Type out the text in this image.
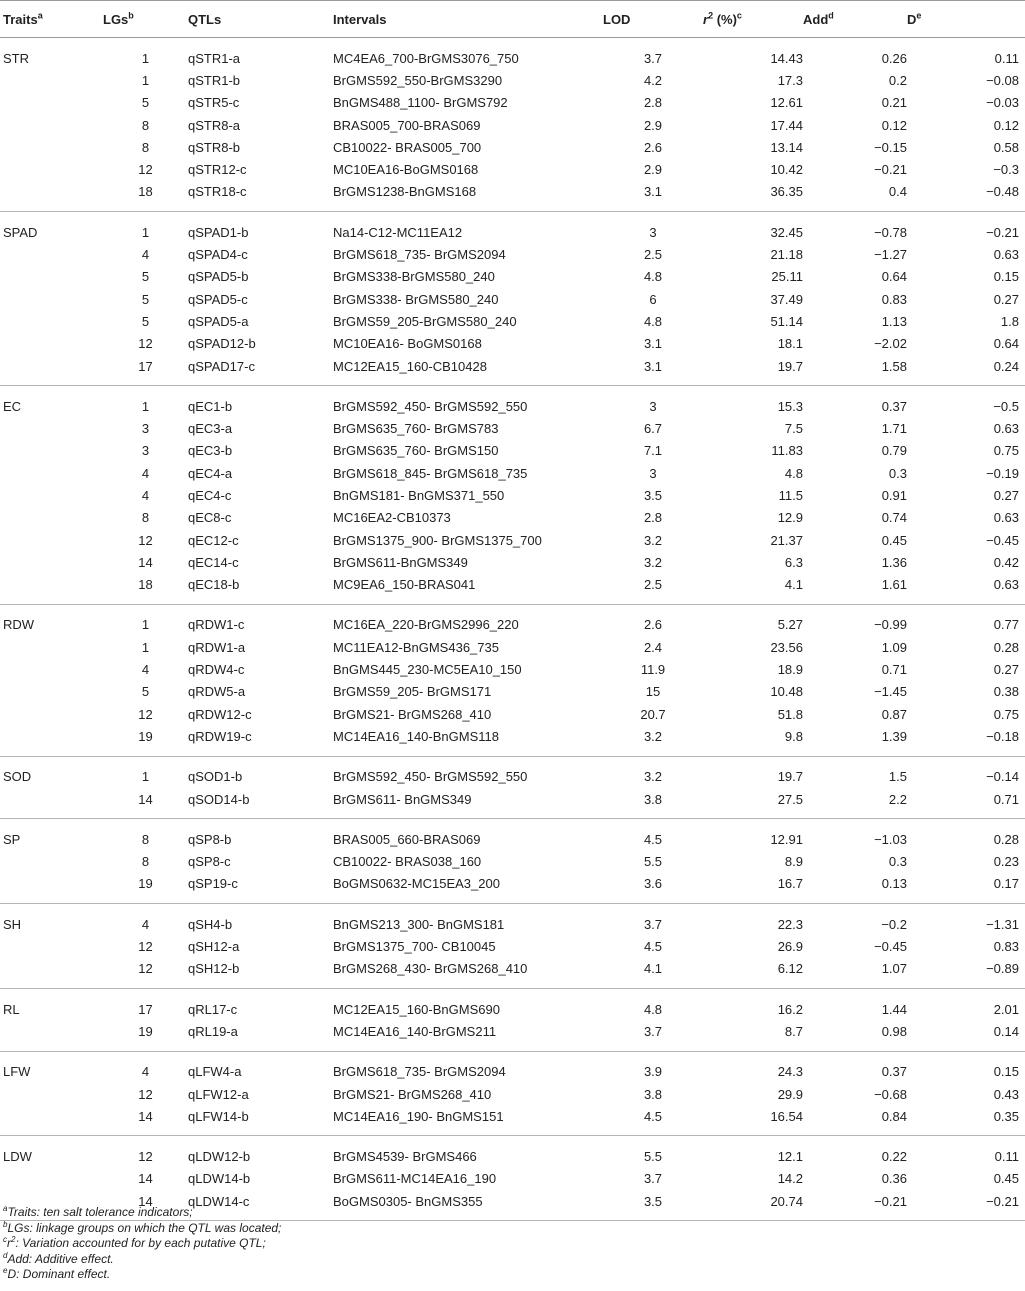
Traits$^a$	LGs$^b$	QTLs	Intervals	LOD	$r^2$ (%)$^c$	Add$^d$	De
STR	1	qSTR1-a	MC4EA6_700-BrGMS3076_750	3.7	14.43	0.26	0.11
	1	qSTR1-b	BrGMS592_550-BrGMS3290	4.2	17.3	0.2	−0.08
	5	qSTR5-c	BnGMS488_1100- BrGMS792	2.8	12.61	0.21	−0.03
	8	qSTR8-a	BRAS005_700-BRAS069	2.9	17.44	0.12	0.12
	8	qSTR8-b	CB10022- BRAS005_700	2.6	13.14	−0.15	0.58
	12	qSTR12-c	MC10EA16-BoGMS0168	2.9	10.42	−0.21	−0.3
	18	qSTR18-c	BrGMS1238-BnGMS168	3.1	36.35	0.4	−0.48
SPAD	1	qSPAD1-b	Na14-C12-MC11EA12	3	32.45	−0.78	−0.21
	4	qSPAD4-c	BrGMS618_735- BrGMS2094	2.5	21.18	−1.27	0.63
	5	qSPAD5-b	BrGMS338-BrGMS580_240	4.8	25.11	0.64	0.15
	5	qSPAD5-c	BrGMS338- BrGMS580_240	6	37.49	0.83	0.27
	5	qSPAD5-a	BrGMS59_205-BrGMS580_240	4.8	51.14	1.13	1.8
	12	qSPAD12-b	MC10EA16- BoGMS0168	3.1	18.1	−2.02	0.64
	17	qSPAD17-c	MC12EA15_160-CB10428	3.1	19.7	1.58	0.24
EC	1	qEC1-b	BrGMS592_450- BrGMS592_550	3	15.3	0.37	−0.5
	3	qEC3-a	BrGMS635_760- BrGMS783	6.7	7.5	1.71	0.63
	3	qEC3-b	BrGMS635_760- BrGMS150	7.1	11.83	0.79	0.75
	4	qEC4-a	BrGMS618_845- BrGMS618_735	3	4.8	0.3	−0.19
	4	qEC4-c	BnGMS181- BnGMS371_550	3.5	11.5	0.91	0.27
	8	qEC8-c	MC16EA2-CB10373	2.8	12.9	0.74	0.63
	12	qEC12-c	BrGMS1375_900- BrGMS1375_700	3.2	21.37	0.45	−0.45
	14	qEC14-c	BrGMS611-BnGMS349	3.2	6.3	1.36	0.42
	18	qEC18-b	MC9EA6_150-BRAS041	2.5	4.1	1.61	0.63
RDW	1	qRDW1-c	MC16EA_220-BrGMS2996_220	2.6	5.27	−0.99	0.77
	1	qRDW1-a	MC11EA12-BnGMS436_735	2.4	23.56	1.09	0.28
	4	qRDW4-c	BnGMS445_230-MC5EA10_150	11.9	18.9	0.71	0.27
	5	qRDW5-a	BrGMS59_205- BrGMS171	15	10.48	−1.45	0.38
	12	qRDW12-c	BrGMS21- BrGMS268_410	20.7	51.8	0.87	0.75
	19	qRDW19-c	MC14EA16_140-BnGMS118	3.2	9.8	1.39	−0.18
SOD	1	qSOD1-b	BrGMS592_450- BrGMS592_550	3.2	19.7	1.5	−0.14
	14	qSOD14-b	BrGMS611- BnGMS349	3.8	27.5	2.2	0.71
SP	8	qSP8-b	BRAS005_660-BRAS069	4.5	12.91	−1.03	0.28
	8	qSP8-c	CB10022- BRAS038_160	5.5	8.9	0.3	0.23
	19	qSP19-c	BoGMS0632-MC15EA3_200	3.6	16.7	0.13	0.17
SH	4	qSH4-b	BnGMS213_300- BnGMS181	3.7	22.3	−0.2	−1.31
	12	qSH12-a	BrGMS1375_700- CB10045	4.5	26.9	−0.45	0.83
	12	qSH12-b	BrGMS268_430- BrGMS268_410	4.1	6.12	1.07	−0.89
RL	17	qRL17-c	MC12EA15_160-BnGMS690	4.8	16.2	1.44	2.01
	19	qRL19-a	MC14EA16_140-BrGMS211	3.7	8.7	0.98	0.14
LFW	4	qLFW4-a	BrGMS618_735- BrGMS2094	3.9	24.3	0.37	0.15
	12	qLFW12-a	BrGMS21- BrGMS268_410	3.8	29.9	−0.68	0.43
	14	qLFW14-b	MC14EA16_190- BnGMS151	4.5	16.54	0.84	0.35
LDW	12	qLDW12-b	BrGMS4539- BrGMS466	5.5	12.1	0.22	0.11
	14	qLDW14-b	BrGMS611-MC14EA16_190	3.7	14.2	0.36	0.45
	14	qLDW14-c	BoGMS0305- BnGMS355	3.5	20.74	−0.21	−0.21
$^a$Traits: ten salt tolerance indicators;
$^b$LGs: linkage groups on which the QTL was located;
$^cr^2$: Variation accounted for by each putative QTL;
$^d$Add: Additive effect.
$^e$D: Dominant effect.
